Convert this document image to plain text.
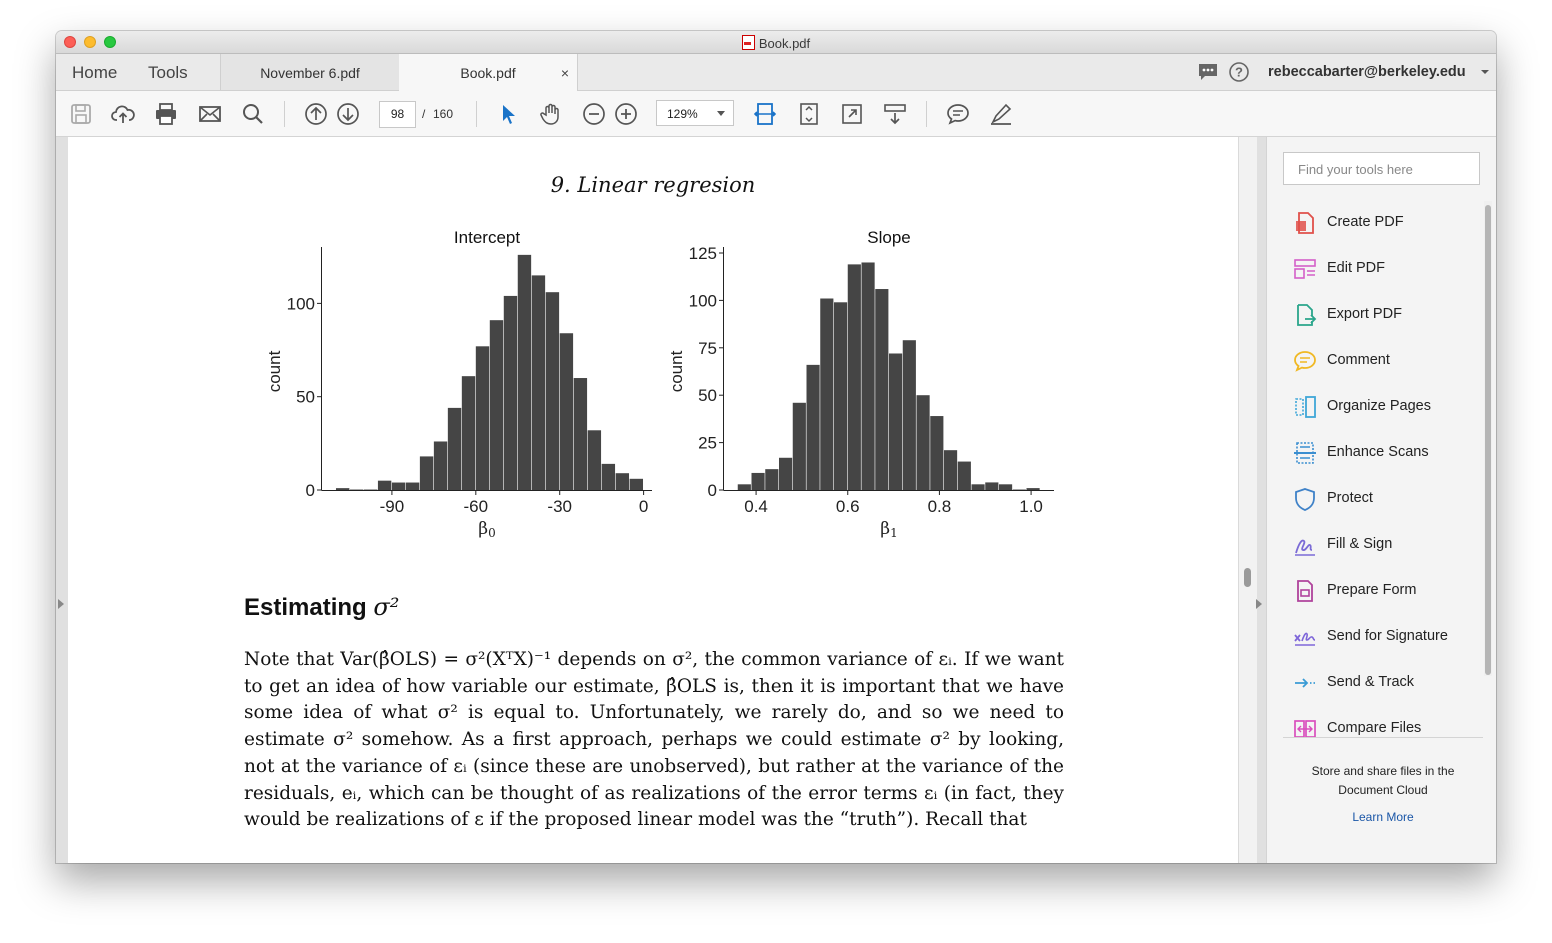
Book.pdf
Home Tools	November 6.pdf	Book.pdf	×	? rebeccabarter@berkeley.edu
98	/ 160	129%
9. Linear regresion
Intercept
0
50
100
-90	-60	-30	0
β0
count
Slope
0
25
50
75
100
125
0.4	0.6	0.8	1.0
β1
count
Estimating σ²
Note that Var(β̂OLS) = σ²(XᵀX)⁻¹ depends on σ², the common variance of εᵢ. If we want to get an idea of how variable our estimate, β̂OLS is, then it is important that we have some idea of what σ² is equal to. Unfortunately, we rarely do, and so we need to estimate σ² somehow. As a first approach, perhaps we could estimate σ² by looking, not at the variance of εᵢ (since these are unobserved), but rather at the variance of the residuals, eᵢ, which can be thought of as realizations of the error terms εᵢ (in fact, they would be realizations of ε if the proposed linear model was the “truth”). Recall that
Find your tools here
Create PDF
Edit PDF
Export PDF
Comment
Organize Pages
Enhance Scans
Protect
Fill & Sign
Prepare Form
Send for Signature
Send & Track
Compare Files
Store and share files in the Document Cloud
Learn More
